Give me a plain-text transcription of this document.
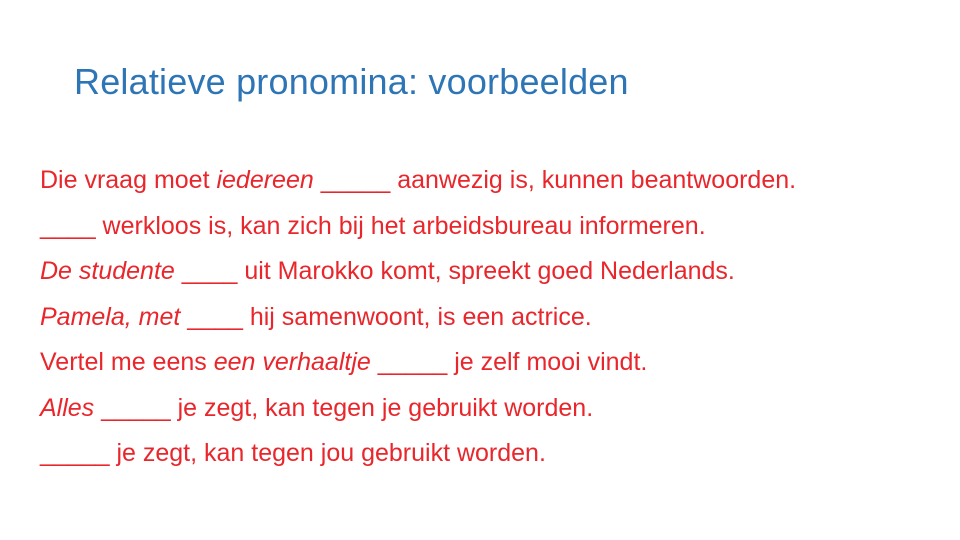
Relatieve pronomina: voorbeelden
Die vraag moet iedereen _____ aanwezig is, kunnen beantwoorden.
____ werkloos is, kan zich bij het arbeidsbureau informeren.
De studente ____ uit Marokko komt, spreekt goed Nederlands.
Pamela, met ____ hij samenwoont, is een actrice.
Vertel me eens een verhaaltje _____ je zelf mooi vindt.
Alles _____ je zegt, kan tegen je gebruikt worden.
_____ je zegt, kan tegen jou gebruikt worden.
